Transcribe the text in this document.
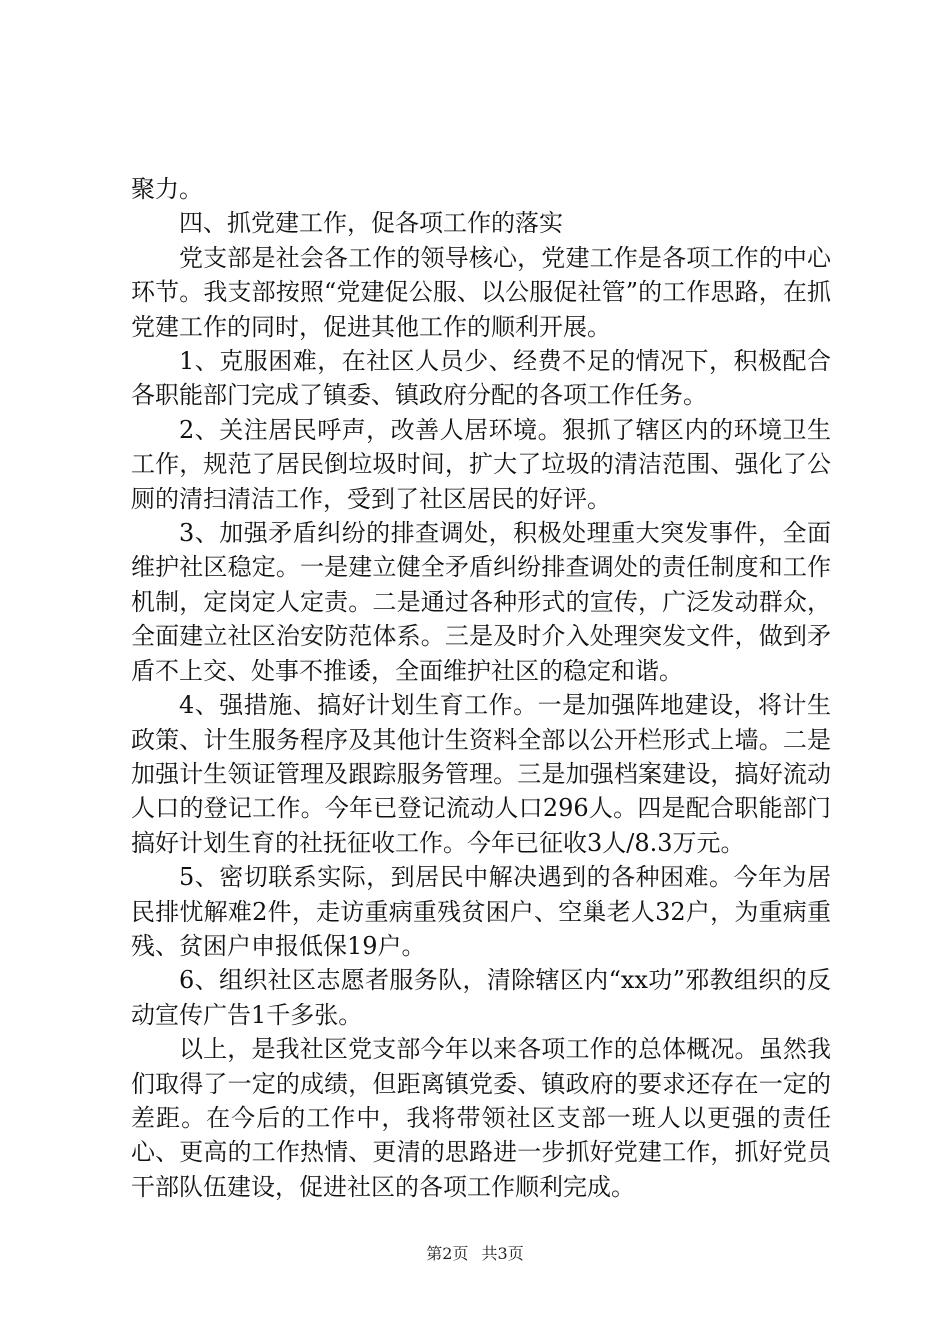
聚力。

四、抓党建工作，促各项工作的落实

党支部是社会各工作的领导核心，党建工作是各项工作的中心环节。我支部按照“党建促公服、以公服促社管”的工作思路，在抓党建工作的同时，促进其他工作的顺利开展。

1、克服困难，在社区人员少、经费不足的情况下，积极配合各职能部门完成了镇委、镇政府分配的各项工作任务。

2、关注居民呼声，改善人居环境。狠抓了辖区内的环境卫生工作，规范了居民倒垃圾时间，扩大了垃圾的清洁范围、强化了公厕的清扫清洁工作，受到了社区居民的好评。

3、加强矛盾纠纷的排查调处，积极处理重大突发事件，全面维护社区稳定。一是建立健全矛盾纠纷排查调处的责任制度和工作机制，定岗定人定责。二是通过各种形式的宣传，广泛发动群众，全面建立社区治安防范体系。三是及时介入处理突发文件，做到矛盾不上交、处事不推诿，全面维护社区的稳定和谐。

4、强措施、搞好计划生育工作。一是加强阵地建设，将计生政策、计生服务程序及其他计生资料全部以公开栏形式上墙。二是加强计生领证管理及跟踪服务管理。三是加强档案建设，搞好流动人口的登记工作。今年已登记流动人口296人。四是配合职能部门搞好计划生育的社抚征收工作。今年已征收3人/8.3万元。

5、密切联系实际，到居民中解决遇到的各种困难。今年为居民排忧解难2件，走访重病重残贫困户、空巢老人32户，为重病重残、贫困户申报低保19户。

6、组织社区志愿者服务队，清除辖区内“xx功”邪教组织的反动宣传广告1千多张。

以上，是我社区党支部今年以来各项工作的总体概况。虽然我们取得了一定的成绩，但距离镇党委、镇政府的要求还存在一定的差距。在今后的工作中，我将带领社区支部一班人以更强的责任心、更高的工作热情、更清的思路进一步抓好党建工作，抓好党员干部队伍建设，促进社区的各项工作顺利完成。

第2页 共3页
